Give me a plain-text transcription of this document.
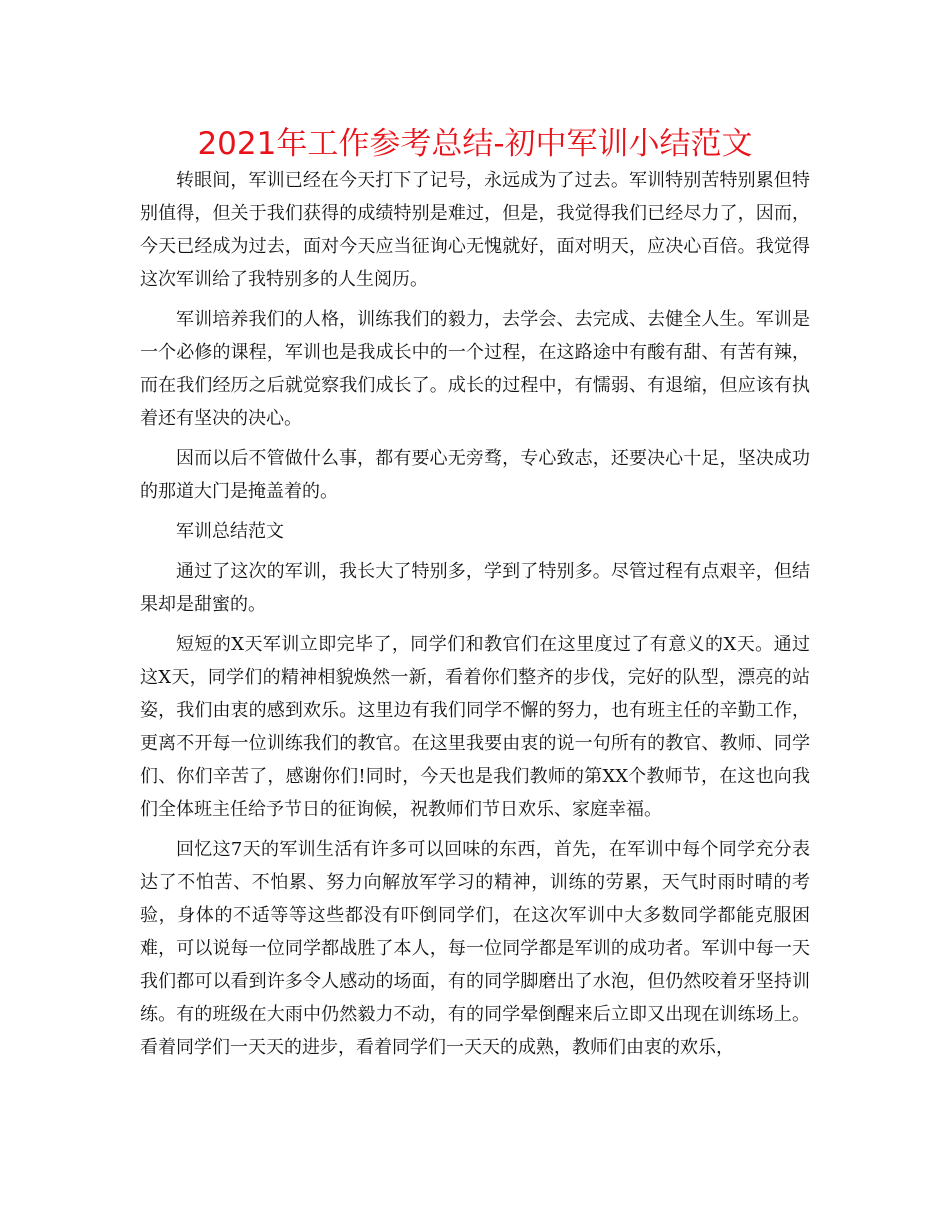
2021年工作参考总结-初中军训小结范文

转眼间，军训已经在今天打下了记号，永远成为了过去。军训特别苦特别累但特别值得，但关于我们获得的成绩特别是难过，但是，我觉得我们已经尽力了，因而，今天已经成为过去，面对今天应当征询心无愧就好，面对明天，应决心百倍。我觉得这次军训给了我特别多的人生阅历。

军训培养我们的人格，训练我们的毅力，去学会、去完成、去健全人生。军训是一个必修的课程，军训也是我成长中的一个过程，在这路途中有酸有甜、有苦有辣，而在我们经历之后就觉察我们成长了。成长的过程中，有懦弱、有退缩，但应该有执着还有坚决的决心。

因而以后不管做什么事，都有要心无旁骛，专心致志，还要决心十足，坚决成功的那道大门是掩盖着的。

军训总结范文

通过了这次的军训，我长大了特别多，学到了特别多。尽管过程有点艰辛，但结果却是甜蜜的。

短短的X天军训立即完毕了，同学们和教官们在这里度过了有意义的X天。通过这X天，同学们的精神相貌焕然一新，看着你们整齐的步伐，完好的队型，漂亮的站姿，我们由衷的感到欢乐。这里边有我们同学不懈的努力，也有班主任的辛勤工作，更离不开每一位训练我们的教官。在这里我要由衷的说一句所有的教官、教师、同学们、你们辛苦了，感谢你们!同时，今天也是我们教师的第XX个教师节，在这也向我们全体班主任给予节日的征询候，祝教师们节日欢乐、家庭幸福。

回忆这7天的军训生活有许多可以回味的东西，首先，在军训中每个同学充分表达了不怕苦、不怕累、努力向解放军学习的精神，训练的劳累，天气时雨时晴的考验，身体的不适等等这些都没有吓倒同学们，在这次军训中大多数同学都能克服困难，可以说每一位同学都战胜了本人，每一位同学都是军训的成功者。军训中每一天我们都可以看到许多令人感动的场面，有的同学脚磨出了水泡，但仍然咬着牙坚持训练。有的班级在大雨中仍然毅力不动，有的同学晕倒醒来后立即又出现在训练场上。看着同学们一天天的进步，看着同学们一天天的成熟，教师们由衷的欢乐，
